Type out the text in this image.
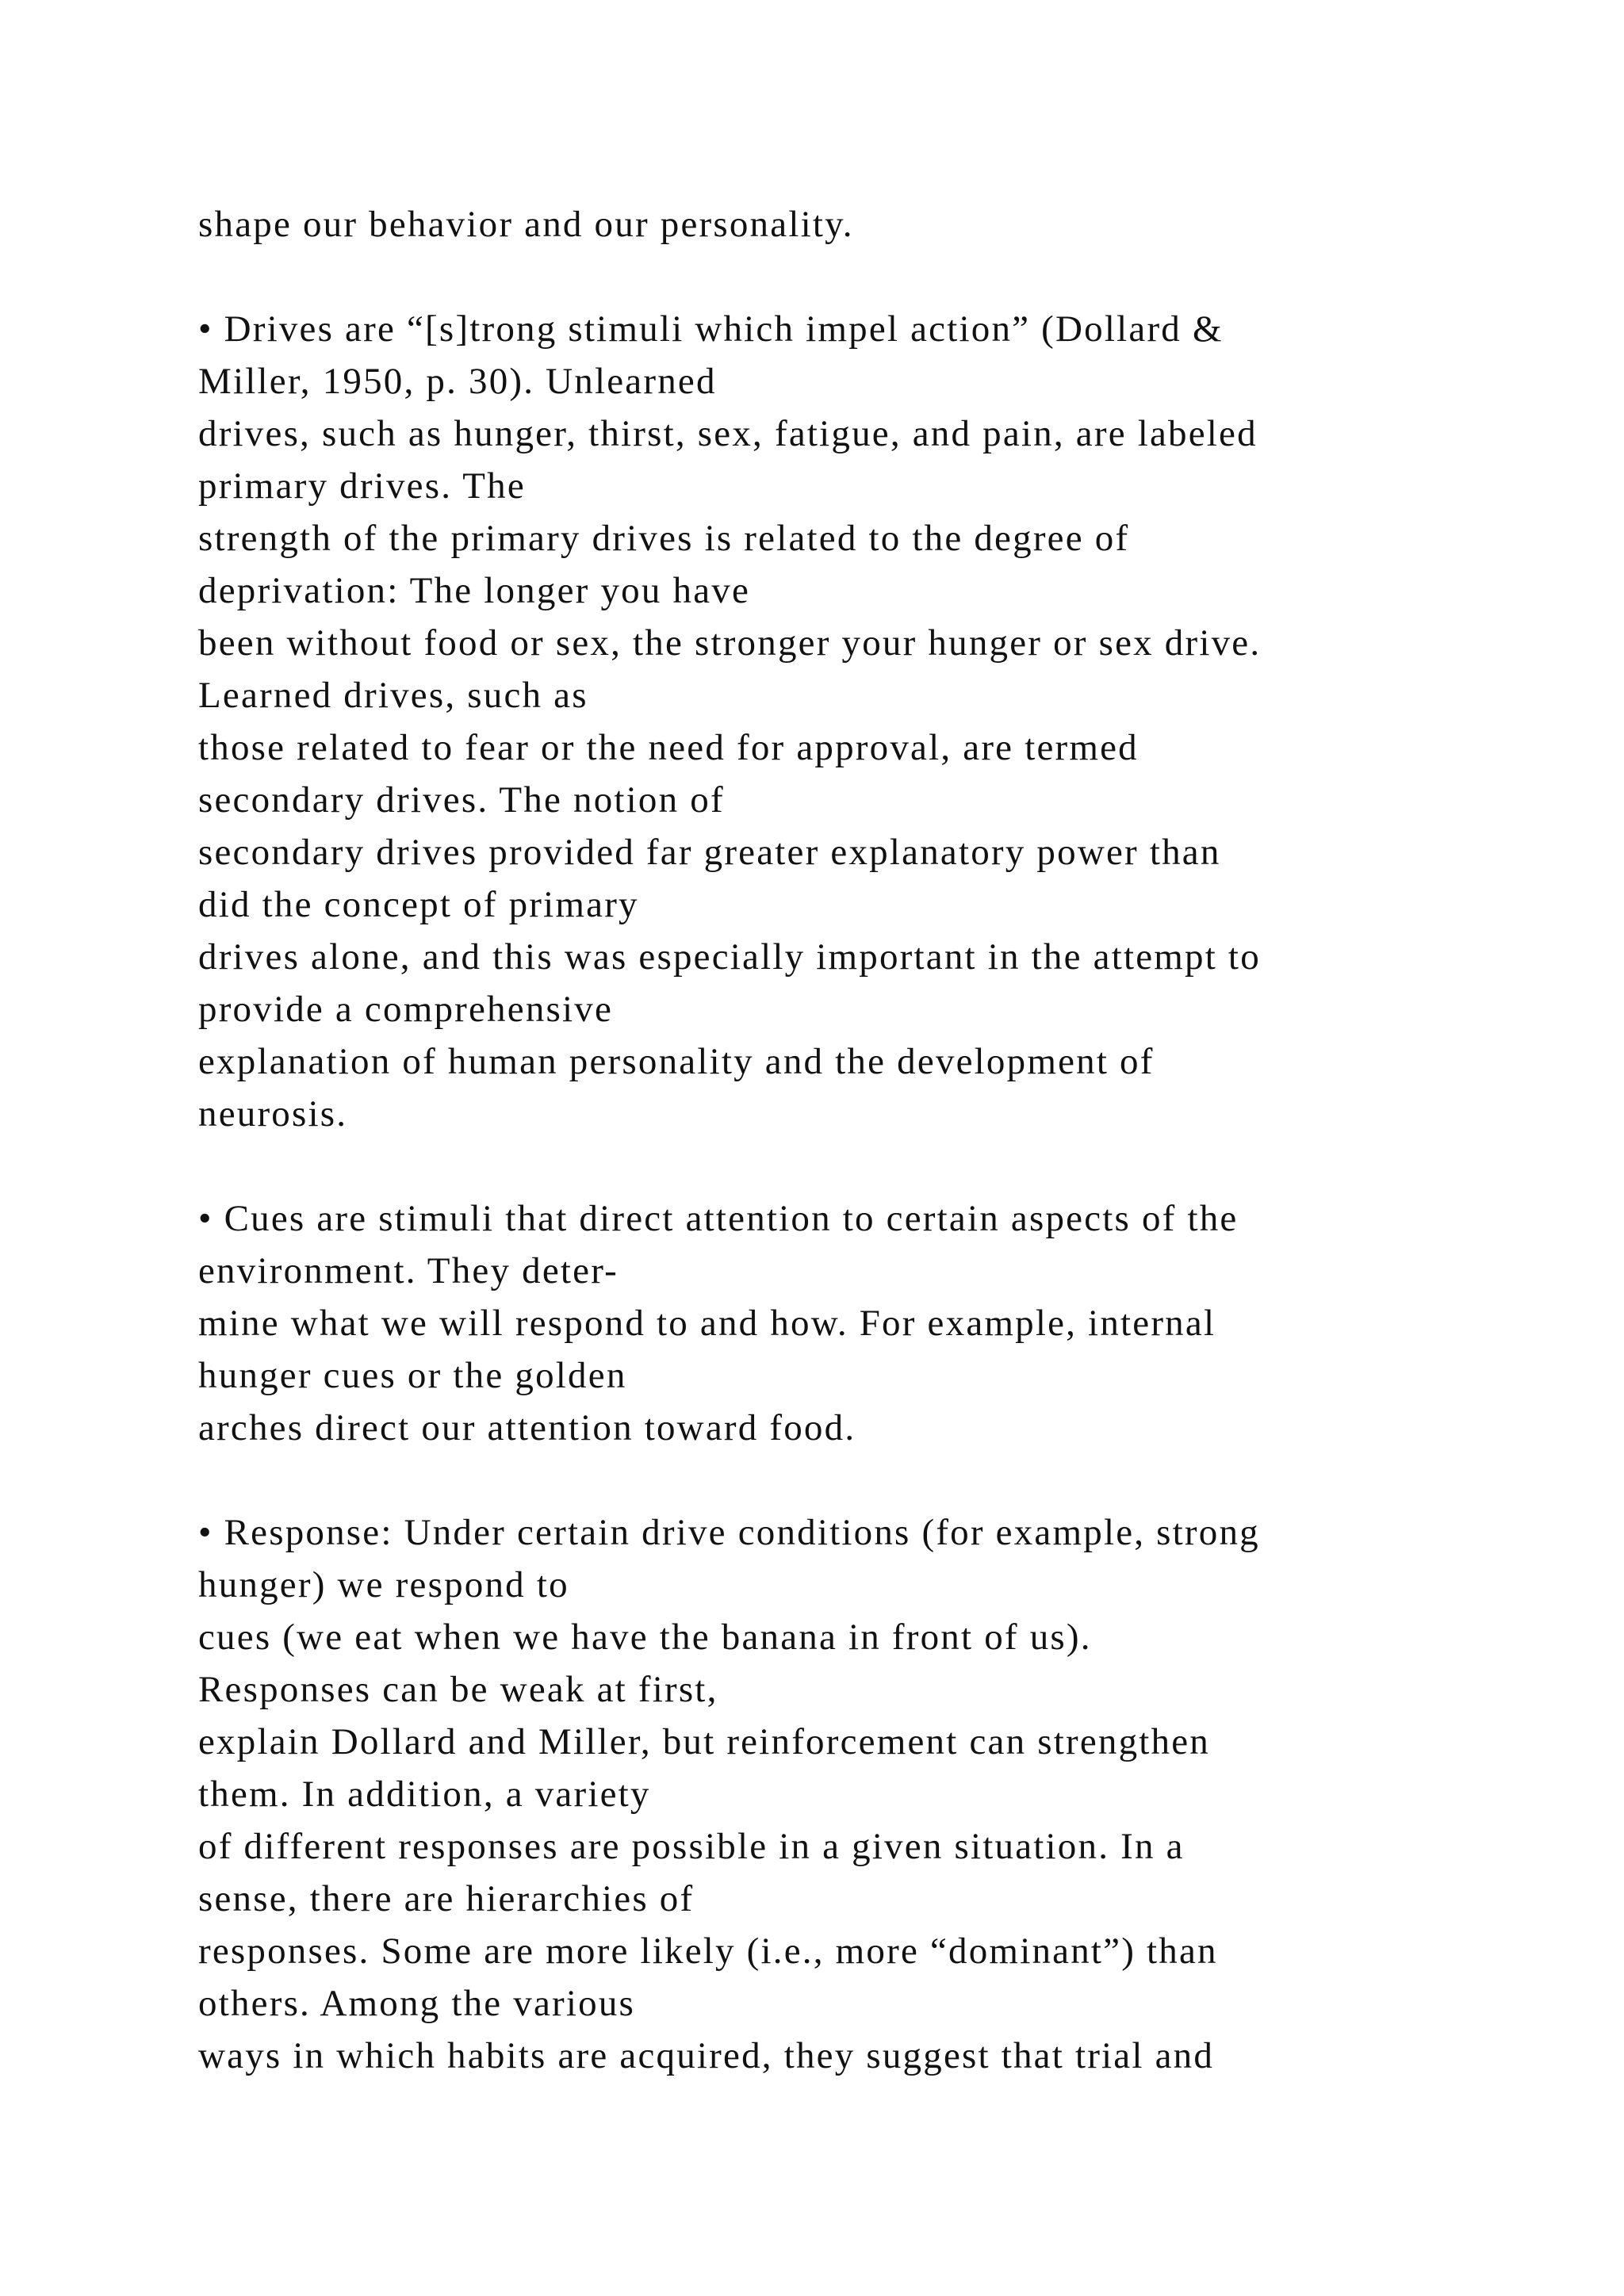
shape our behavior and our personality.
• Drives are “[s]trong stimuli which impel action” (Dollard &
Miller, 1950, p. 30). Unlearned
drives, such as hunger, thirst, sex, fatigue, and pain, are labeled
primary drives. The
strength of the primary drives is related to the degree of
deprivation: The longer you have
been without food or sex, the stronger your hunger or sex drive.
Learned drives, such as
those related to fear or the need for approval, are termed
secondary drives. The notion of
secondary drives provided far greater explanatory power than
did the concept of primary
drives alone, and this was especially important in the attempt to
provide a comprehensive
explanation of human personality and the development of
neurosis.
• Cues are stimuli that direct attention to certain aspects of the
environment. They deter-
mine what we will respond to and how. For example, internal
hunger cues or the golden
arches direct our attention toward food.
• Response: Under certain drive conditions (for example, strong
hunger) we respond to
cues (we eat when we have the banana in front of us).
Responses can be weak at first,
explain Dollard and Miller, but reinforcement can strengthen
them. In addition, a variety
of different responses are possible in a given situation. In a
sense, there are hierarchies of
responses. Some are more likely (i.e., more “dominant”) than
others. Among the various
ways in which habits are acquired, they suggest that trial and
